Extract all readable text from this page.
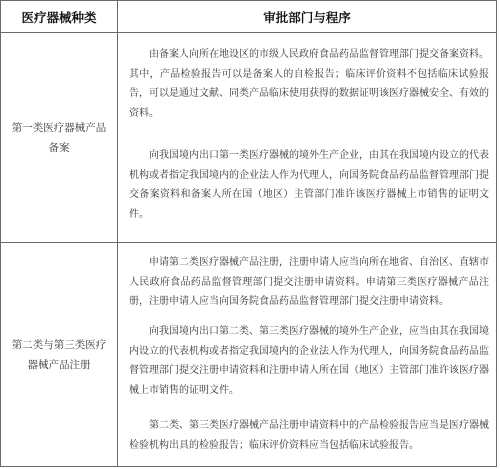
医疗器械种类	审批部门与程序
第一类医疗器械产品备案

由备案人向所在地设区的市级人民政府食品药品监督管理部门提交备案资料。其中，产品检验报告可以是备案人的自检报告；临床评价资料不包括临床试验报告，可以是通过文献、同类产品临床使用获得的数据证明该医疗器械安全、有效的资料。

向我国境内出口第一类医疗器械的境外生产企业，由其在我国境内设立的代表机构或者指定我国境内的企业法人作为代理人，向国务院食品药品监督管理部门提交备案资料和备案人所在国（地区）主管部门准许该医疗器械上市销售的证明文件。

第二类与第三类医疗器械产品注册

申请第二类医疗器械产品注册，注册申请人应当向所在地省、自治区、直辖市人民政府食品药品监督管理部门提交注册申请资料。申请第三类医疗器械产品注册，注册申请人应当向国务院食品药品监督管理部门提交注册申请资料。

向我国境内出口第二类、第三类医疗器械的境外生产企业，应当由其在我国境内设立的代表机构或者指定我国境内的企业法人作为代理人，向国务院食品药品监督管理部门提交注册申请资料和注册申请人所在国（地区）主管部门准许该医疗器械上市销售的证明文件。

第二类、第三类医疗器械产品注册申请资料中的产品检验报告应当是医疗器械检验机构出具的检验报告；临床评价资料应当包括临床试验报告。
